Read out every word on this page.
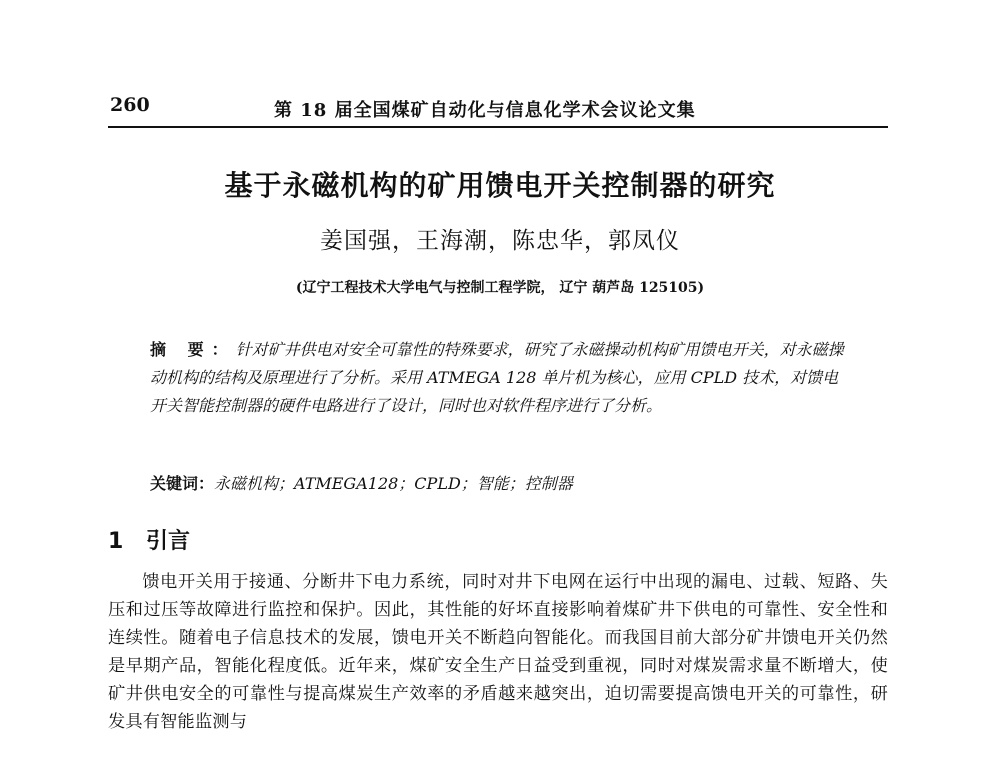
260	第 18 届全国煤矿自动化与信息化学术会议论文集
基于永磁机构的矿用馈电开关控制器的研究
姜国强，王海潮，陈忠华，郭凤仪
(辽宁工程技术大学电气与控制工程学院， 辽宁 葫芦岛 125105)
摘 要：针对矿井供电对安全可靠性的特殊要求，研究了永磁操动机构矿用馈电开关，对永磁操动机构的结构及原理进行了分析。采用 ATMEGA 128 单片机为核心，应用 CPLD 技术，对馈电开关智能控制器的硬件电路进行了设计，同时也对软件程序进行了分析。
关键词：永磁机构；ATMEGA128；CPLD；智能；控制器
1 引言
馈电开关用于接通、分断井下电力系统，同时对井下电网在运行中出现的漏电、过载、短路、失压和过压等故障进行监控和保护。因此，其性能的好坏直接影响着煤矿井下供电的可靠性、安全性和连续性。随着电子信息技术的发展，馈电开关不断趋向智能化。而我国目前大部分矿井馈电开关仍然是早期产品，智能化程度低。近年来，煤矿安全生产日益受到重视，同时对煤炭需求量不断增大，使矿井供电安全的可靠性与提高煤炭生产效率的矛盾越来越突出，迫切需要提高馈电开关的可靠性，研发具有智能监测与
